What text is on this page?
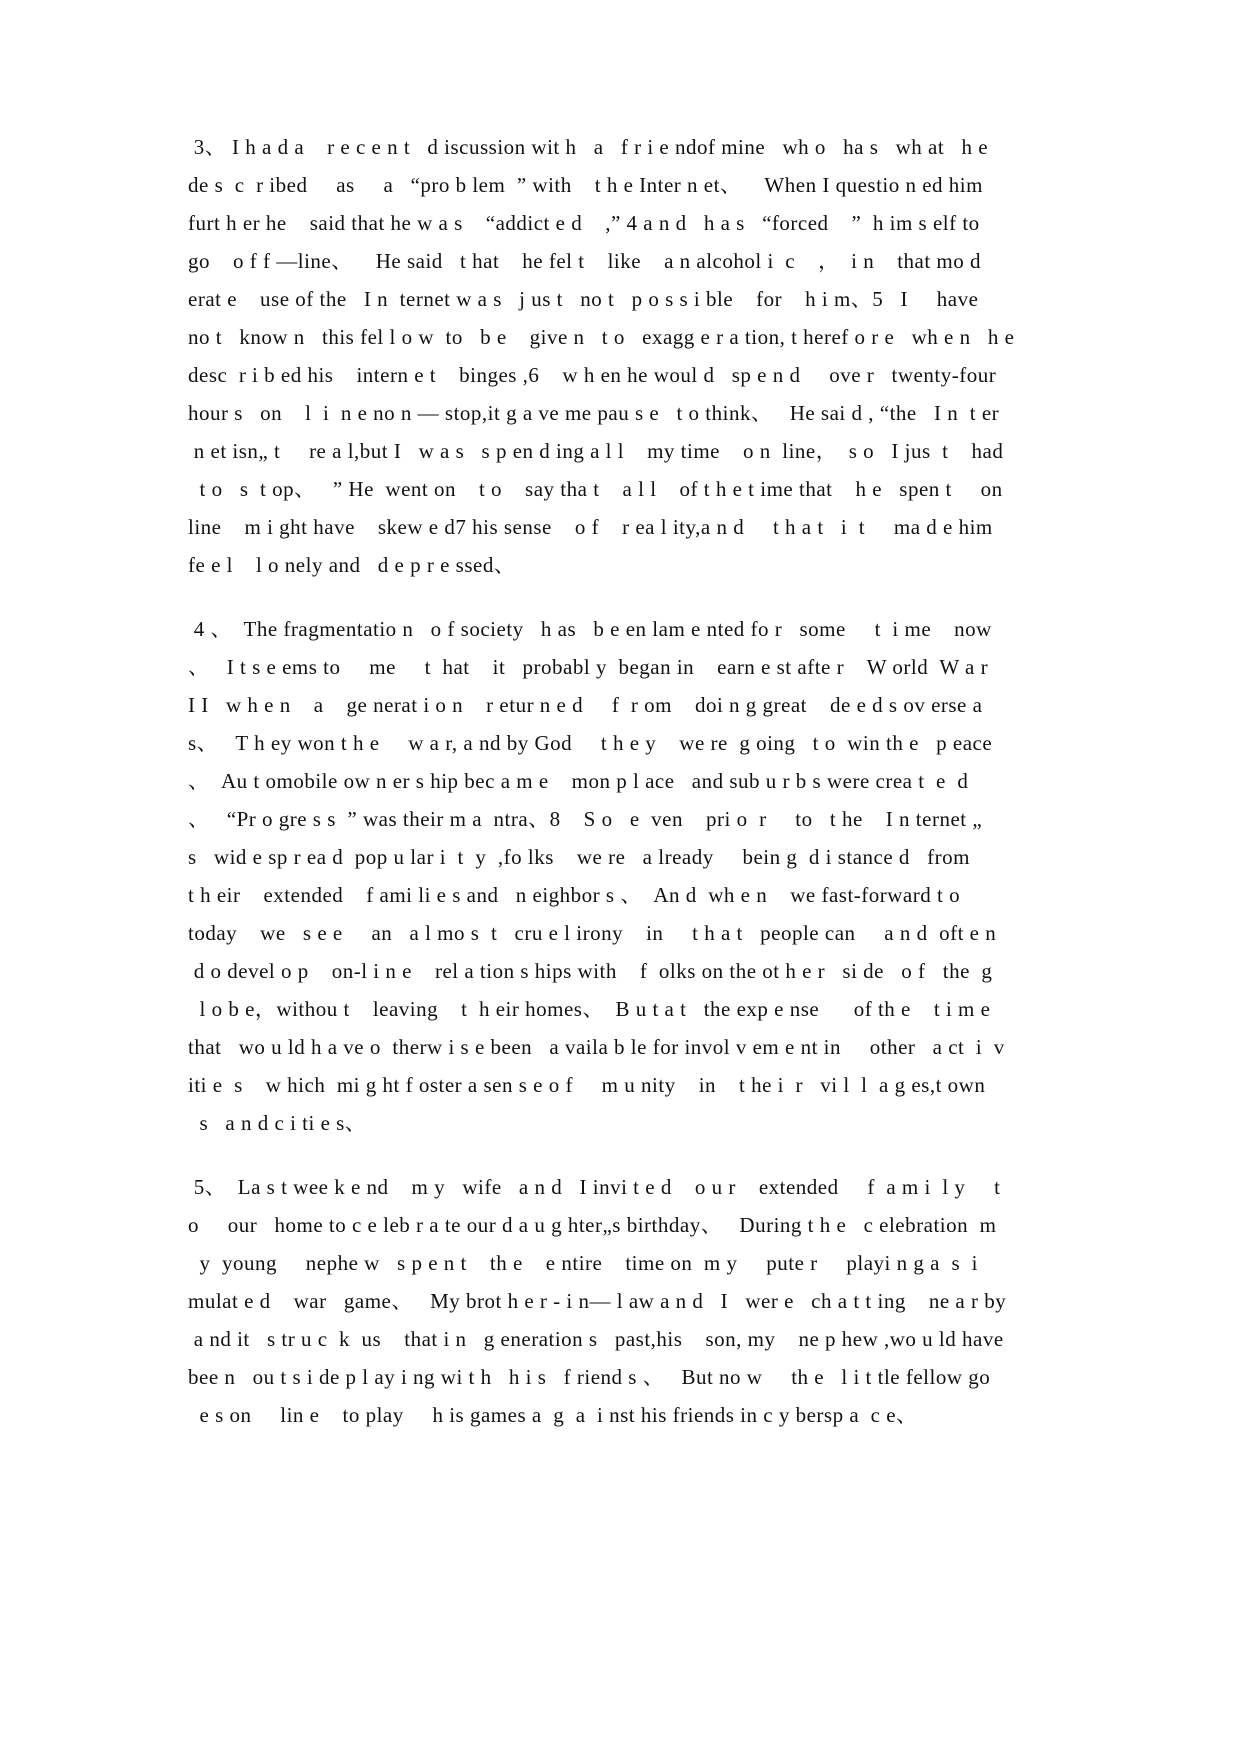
3、 I h a d a    r e c e n t   d iscussion wit h   a   f r i e ndof mine   wh o   ha s   wh at   h e
de s  c  r ibed     as     a   “pro b lem  ” with    t h e Inter n et、    When I questio n ed him
furt h er he    said that he w a s    “addict e d    ,” 4 a n d   h a s   “forced    ”  h im s elf to
go    o f f —line、    He said   t hat    he fel t    like    a n alcohol i  c    ，  i n    that mo d
erat e    use of the   I n  ternet w a s   j us t   no t   p o s s i ble    for    h i m、5   I     have
no t   know n   this fel l o w  to   b e    give n   t o   exagg e r a tion, t heref o r e   wh e n   h e
desc  r i b ed his    intern e t    binges ,6    w h en he woul d   sp e n d     ove r   twenty-four
hour s   on    l  i  n e no n — stop,it g a ve me pau s e   t o think、   He sai d , “the   I n  t er
n et isn„ t     re a l,but I   w a s   s p en d ing a l l    my time    o n  line，  s o   I jus  t    had
t o   s  t op、   ” He  went on    t o    say tha t    a l l    of t h e t ime that    h e   spen t     on
line    m i ght have    skew e d7 his sense    o f    r ea l ity,a n d     t h a t   i  t     ma d e him
fe e l    l o nely and   d e p r e ssed、
4 、  The fragmentatio n   o f society   h as   b e en lam e nted fo r   some     t  i me    now
、   I t s e ems to     me     t  hat    it   probabl y  began in    earn e st afte r    W orld  W a r
I I   w h e n    a    ge nerat i o n    r etur n e d     f  r om    doi n g great    de e d s ov erse a
s、   T h ey won t h e     w a r, a nd by God     t h e y    we re  g oing   t o  win th e   p eace
、  Au t omobile ow n er s hip bec a m e    mon p l ace   and sub u r b s were crea t  e  d
、   “Pr o gre s s  ” was their m a  ntra、8    S o   e  ven    pri o  r     to   t he    I n ternet „
s   wid e sp r ea d  pop u lar i  t  y  ,fo lks    we re   a lready     bein g  d i stance d   from
t h eir    extended    f ami li e s and   n eighbor s 、  An d  wh e n    we fast-forward t o
today    we   s e e     an   a l mo s  t   cru e l irony    in     t h a t   people can     a n d  oft e n
d o devel o p    on-l i n e    rel a tion s hips with    f  olks on the ot h e r   si de   o f   the  g
l o b e，withou t    leaving    t  h eir homes、  B u t a t   the exp e nse      of th e    t i m e
that   wo u ld h a ve o  therw i s e been   a vaila b le for invol v em e nt in     other   a ct  i  v
iti e  s    w hich  mi g ht f oster a sen s e o f     m u nity    in    t he i  r   vi l  l  a g es,t own
s   a n d c i ti e s、
5、  La s t wee k e nd    m y   wife   a n d   I invi t e d    o u r    extended     f  a m i  l y     t
o     our   home to c e leb r a te our d a u g hter„s birthday、   During t h e   c elebration  m
y  young     nephe w   s p e n t    th e    e ntire    time on  m y     pute r     playi n g a  s  i
mulat e d    war   game、   My brot h e r - i n— l aw a n d   I   wer e   ch a t t ing    ne a r by
a nd it   s tr u c  k  us    that i n   g eneration s   past,his    son, my    ne p hew ,wo u ld have
bee n   ou t s i de p l ay i ng wi t h   h i s   f riend s 、   But no w     th e   l i t tle fellow go
e s on     lin e    to play     h is games a  g  a  i nst his friends in c y bersp a  c e、
